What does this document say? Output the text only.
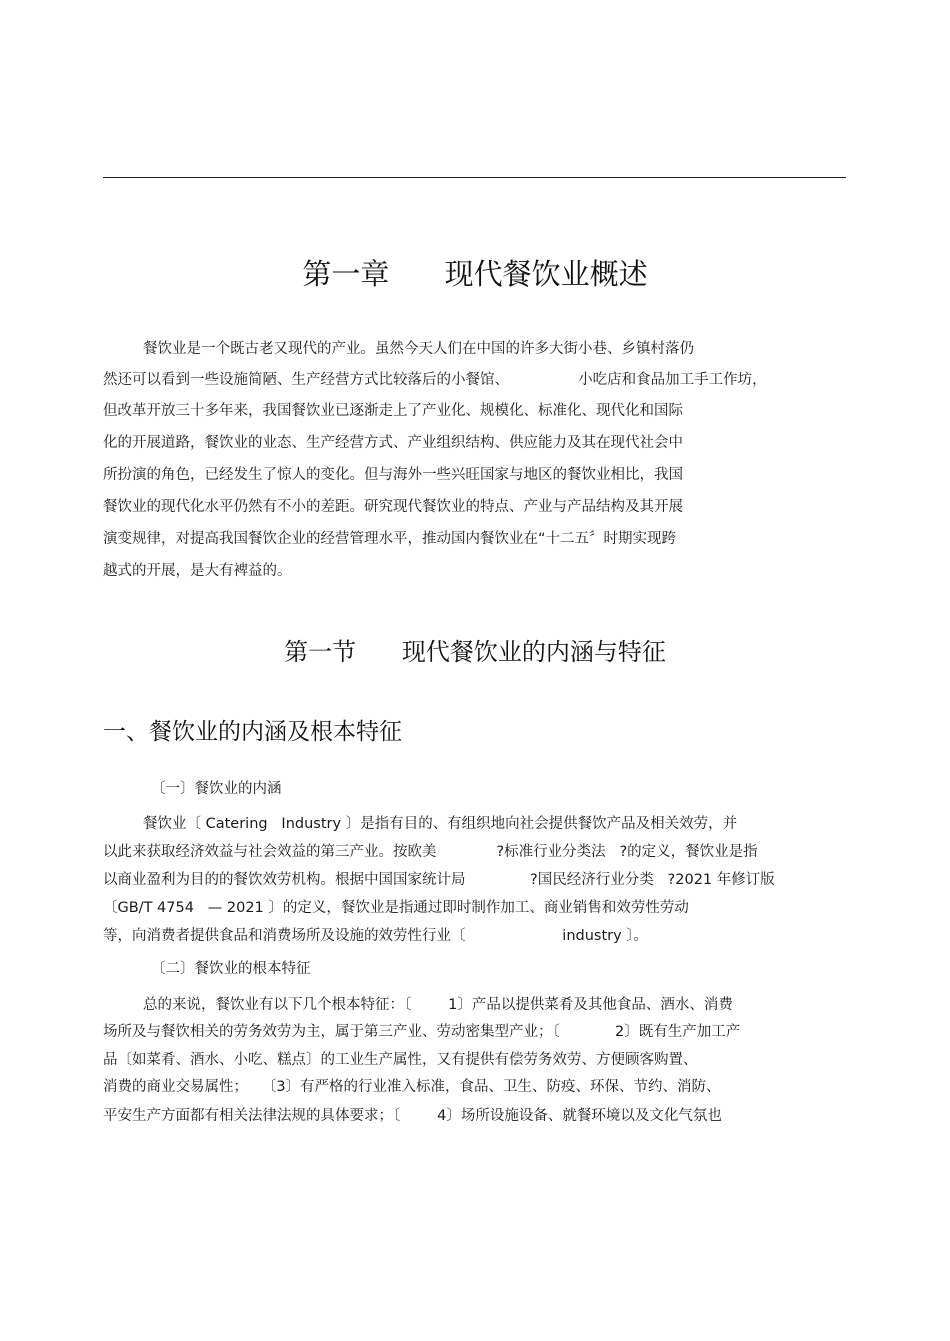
第一章      现代餐饮业概述
餐饮业是一个既古老又现代的产业。虽然今天人们在中国的许多大街小巷、乡镇村落仍
然还可以看到一些设施简陋、生产经营方式比较落后的小餐馆、               小吃店和食品加工手工作坊，
但改革开放三十多年来，我国餐饮业已逐渐走上了产业化、规模化、标准化、现代化和国际
化的开展道路，餐饮业的业态、生产经营方式、产业组织结构、供应能力及其在现代社会中
所扮演的角色，已经发生了惊人的变化。但与海外一些兴旺国家与地区的餐饮业相比，我国
餐饮业的现代化水平仍然有不小的差距。研究现代餐饮业的特点、产业与产品结构及其开展
演变规律，对提高我国餐饮企业的经营管理水平，推动国内餐饮业在“十二五〞时期实现跨
越式的开展，是大有裨益的。
第一节      现代餐饮业的内涵与特征
一、餐饮业的内涵及根本特征
〔一〕餐饮业的内涵
餐饮业〔 Catering   Industry 〕是指有目的、有组织地向社会提供餐饮产品及相关效劳，并
以此来获取经济效益与社会效益的第三产业。按欧美             ?标准行业分类法   ?的定义，餐饮业是指
以商业盈利为目的的餐饮效劳机构。根据中国国家统计局              ?国民经济行业分类   ?2021 年修订版
〔GB/T 4754   — 2021 〕的定义，餐饮业是指通过即时制作加工、商业销售和效劳性劳动
等，向消费者提供食品和消费场所及设施的效劳性行业〔                     industry 〕。
〔二〕餐饮业的根本特征
总的来说，餐饮业有以下几个根本特征：〔        1〕产品以提供菜肴及其他食品、酒水、消费
场所及与餐饮相关的劳务效劳为主，属于第三产业、劳动密集型产业；〔            2〕既有生产加工产
品〔如菜肴、酒水、小吃、糕点〕的工业生产属性，又有提供有偿劳务效劳、方便顾客购置、
消费的商业交易属性；   〔3〕有严格的行业准入标准，食品、卫生、防疫、环保、节约、消防、
平安生产方面都有相关法律法规的具体要求；〔        4〕场所设施设备、就餐环境以及文化气氛也
